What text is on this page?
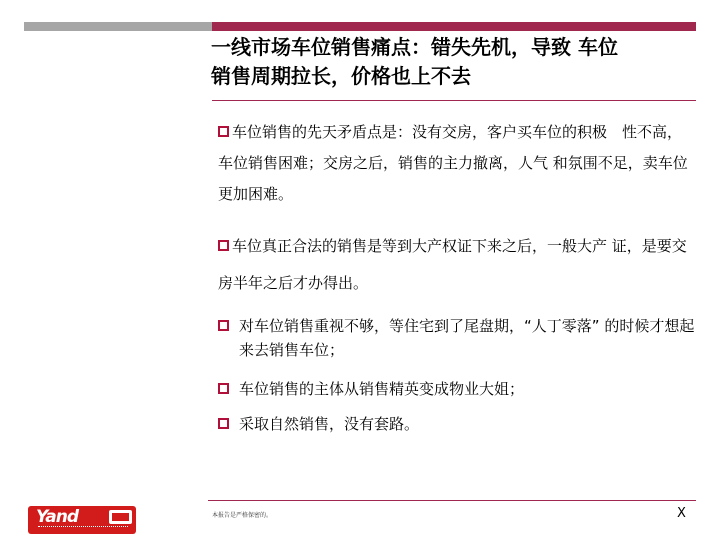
一线市场车位销售痛点：错失先机，导致 车位
销售周期拉长，价格也上不去

车位销售的先天矛盾点是：没有交房，客户买车位的积极　性不高，车位销售困难；交房之后，销售的主力撤离，人气 和氛围不足，卖车位更加困难。

车位真正合法的销售是等到大产权证下来之后，一般大产 证，是要交房半年之后才办得出。

对车位销售重视不够，等住宅到了尾盘期，“人丁零落” 的时候才想起来去销售车位；
车位销售的主体从销售精英变成物业大姐；
采取自然销售，没有套路。
本报告是严格保密的。	X
Yand
